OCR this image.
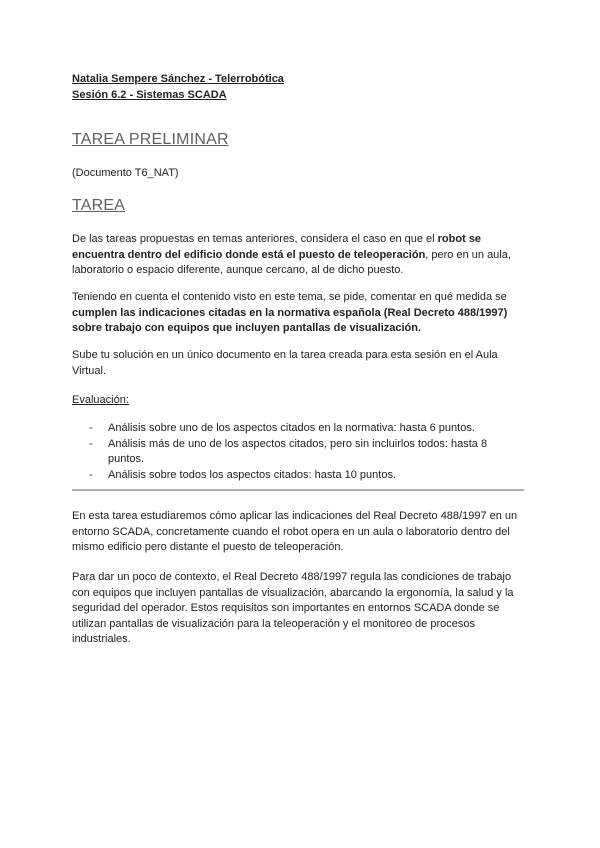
Natalia Sempere Sánchez - Telerrobótica
Sesión 6.2 - Sistemas SCADA
TAREA PRELIMINAR

(Documento T6_NAT)

TAREA

De las tareas propuestas en temas anteriores, considera el caso en que el robot se encuentra dentro del edificio donde está el puesto de teleoperación, pero en un aula, laboratorio o espacio diferente, aunque cercano, al de dicho puesto.

Teniendo en cuenta el contenido visto en este tema, se pide, comentar en qué medida se cumplen las indicaciones citadas en la normativa española (Real Decreto 488/1997) sobre trabajo con equipos que incluyen pantallas de visualización.

Sube tu solución en un único documento en la tarea creada para esta sesión en el Aula Virtual.

Evaluación:
- Análisis sobre uno de los aspectos citados en la normativa: hasta 6 puntos.
- Análisis más de uno de los aspectos citados, pero sin incluirlos todos: hasta 8 puntos.
- Análisis sobre todos los aspectos citados: hasta 10 puntos.

En esta tarea estudiaremos cómo aplicar las indicaciones del Real Decreto 488/1997 en un entorno SCADA, concretamente cuando el robot opera en un aula o laboratorio dentro del mismo edificio pero distante el puesto de teleoperación.

Para dar un poco de contexto, el Real Decreto 488/1997 regula las condiciones de trabajo con equipos que incluyen pantallas de visualización, abarcando la ergonomía, la salud y la seguridad del operador. Estos requisitos son importantes en entornos SCADA donde se utilizan pantallas de visualización para la teleoperación y el monitoreo de procesos industriales.
